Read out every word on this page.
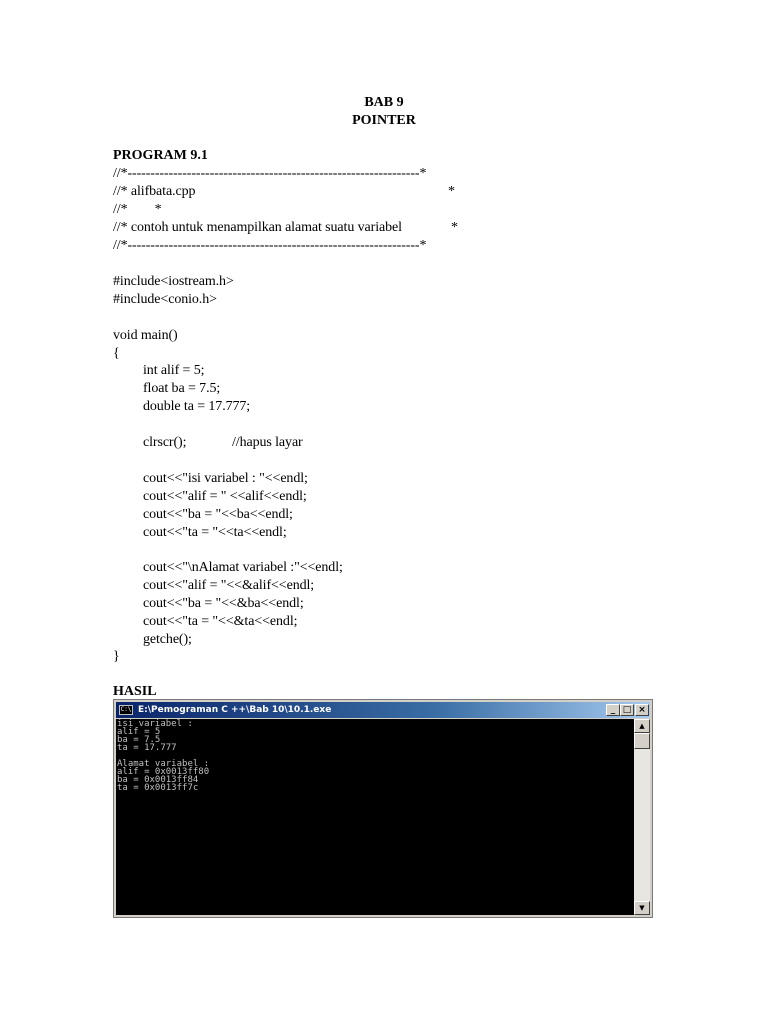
BAB 9
POINTER
PROGRAM 9.1
//*----------------------------------------------------------------*
//* alifbata.cpp	*
//*        *
//* contoh untuk menampilkan alamat suatu variabel	*
//*----------------------------------------------------------------*
#include<iostream.h>
#include<conio.h>
void main()
{
int alif = 5;
float ba = 7.5;
double ta = 17.777;
clrscr();	//hapus layar
cout<<"isi variabel : "<<endl;
cout<<"alif = " <<alif<<endl;
cout<<"ba = "<<ba<<endl;
cout<<"ta = "<<ta<<endl;
cout<<"\nAlamat variabel :"<<endl;
cout<<"alif = "<<&alif<<endl;
cout<<"ba = "<<&ba<<endl;
cout<<"ta = "<<&ta<<endl;
getche();
}
HASIL
C:\ E:\Pemograman C ++\Bab 10\10.1.exe	_ □ ×
isi variabel :
alif = 5
ba = 7.5
ta = 17.777
Alamat variabel :
alif = 0x0013ff80
ba = 0x0013ff84
ta = 0x0013ff7c
▲
▼
